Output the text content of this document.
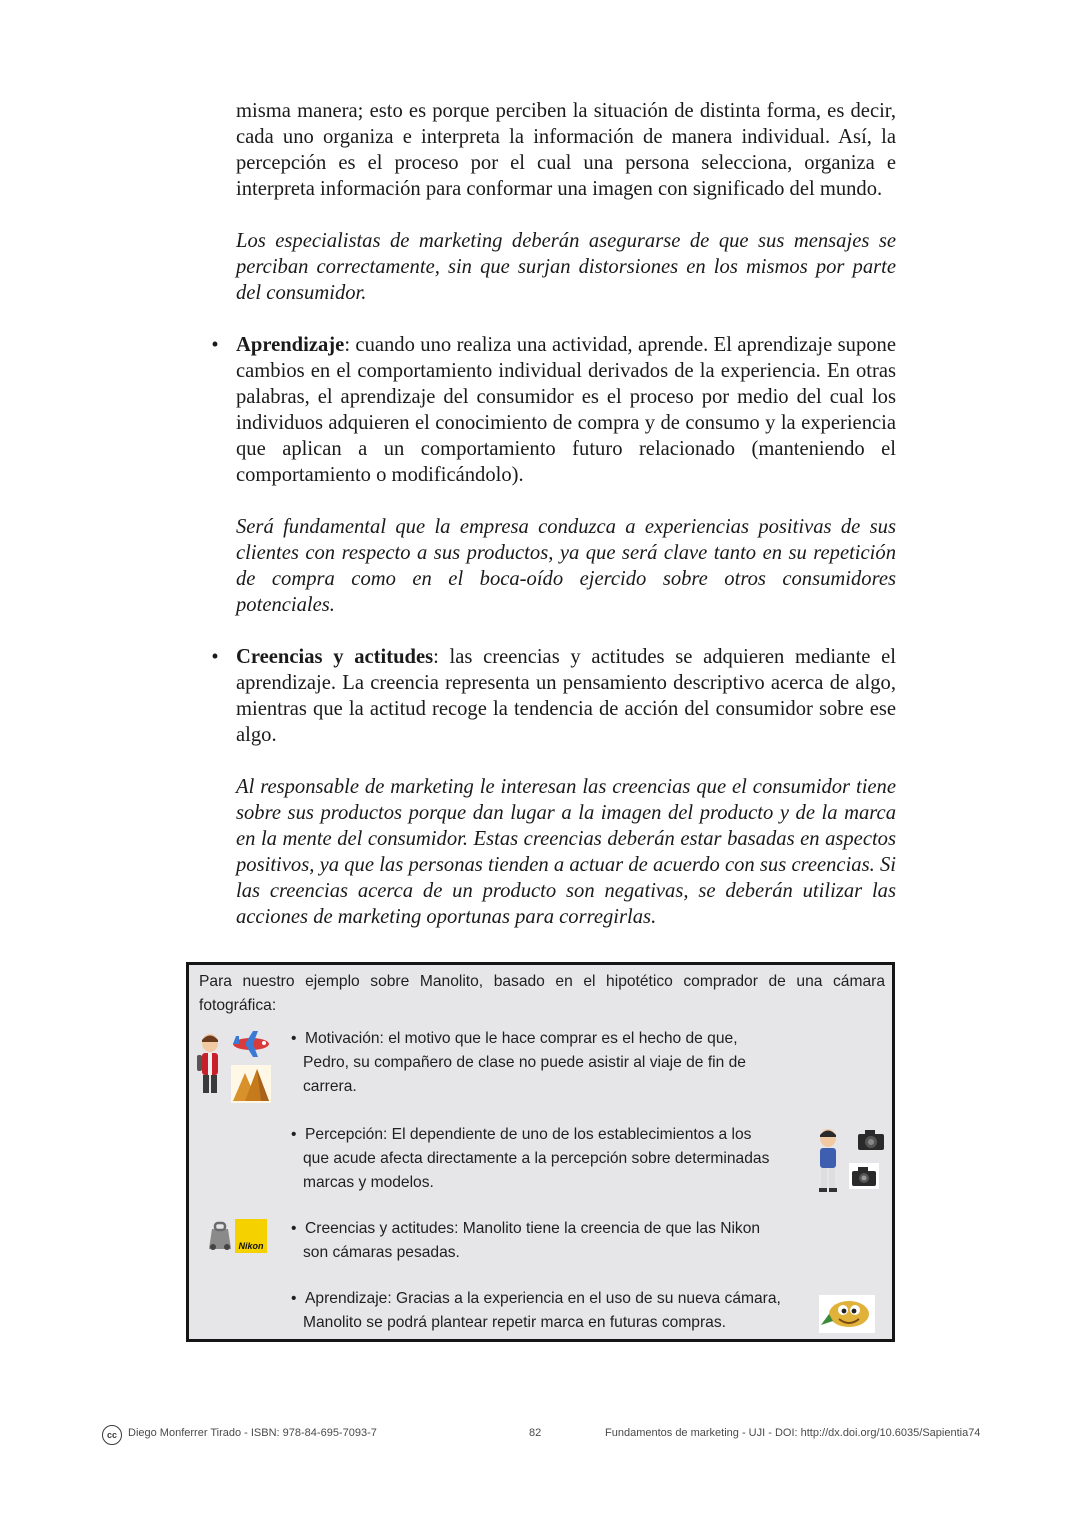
misma manera; esto es porque perciben la situación de distinta forma, es decir, cada uno organiza e interpreta la información de manera individual. Así, la percepción es el proceso por el cual una persona selecciona, organiza e interpreta información para conformar una imagen con significado del mundo.

Los especialistas de marketing deberán asegurarse de que sus mensajes se perciban correctamente, sin que surjan distorsiones en los mismos por parte del consumidor.

• Aprendizaje: cuando uno realiza una actividad, aprende. El aprendizaje supone cambios en el comportamiento individual derivados de la experiencia. En otras palabras, el aprendizaje del consumidor es el proceso por medio del cual los individuos adquieren el conocimiento de compra y de consumo y la experiencia que aplican a un comportamiento futuro relacionado (manteniendo el comportamiento o modificándolo).

Será fundamental que la empresa conduzca a experiencias positivas de sus clientes con respecto a sus productos, ya que será clave tanto en su repetición de compra como en el boca-oído ejercido sobre otros consumidores potenciales.

• Creencias y actitudes: las creencias y actitudes se adquieren mediante el aprendizaje. La creencia representa un pensamiento descriptivo acerca de algo, mientras que la actitud recoge la tendencia de acción del consumidor sobre ese algo.

Al responsable de marketing le interesan las creencias que el consumidor tiene sobre sus productos porque dan lugar a la imagen del producto y de la marca en la mente del consumidor. Estas creencias deberán estar basadas en aspectos positivos, ya que las personas tienden a actuar de acuerdo con sus creencias. Si las creencias acerca de un producto son negativas, se deberán utilizar las acciones de marketing oportunas para corregirlas.

Para nuestro ejemplo sobre Manolito, basado en el hipotético comprador de una cámara fotográfica:
• Motivación: el motivo que le hace comprar es el hecho de que,
Pedro, su compañero de clase no puede asistir al viaje de fin de
carrera.
• Percepción: El dependiente de uno de los establecimientos a los
que acude afecta directamente a la percepción sobre determinadas
marcas y modelos.
Nikon
• Creencias y actitudes: Manolito tiene la creencia de que las Nikon
son cámaras pesadas.
• Aprendizaje: Gracias a la experiencia en el uso de su nueva cámara,
Manolito se podrá plantear repetir marca en futuras compras.
cc	Diego Monferrer Tirado - ISBN: 978-84-695-7093-7	82	Fundamentos de marketing - UJI - DOI: http://dx.doi.org/10.6035/Sapientia74
